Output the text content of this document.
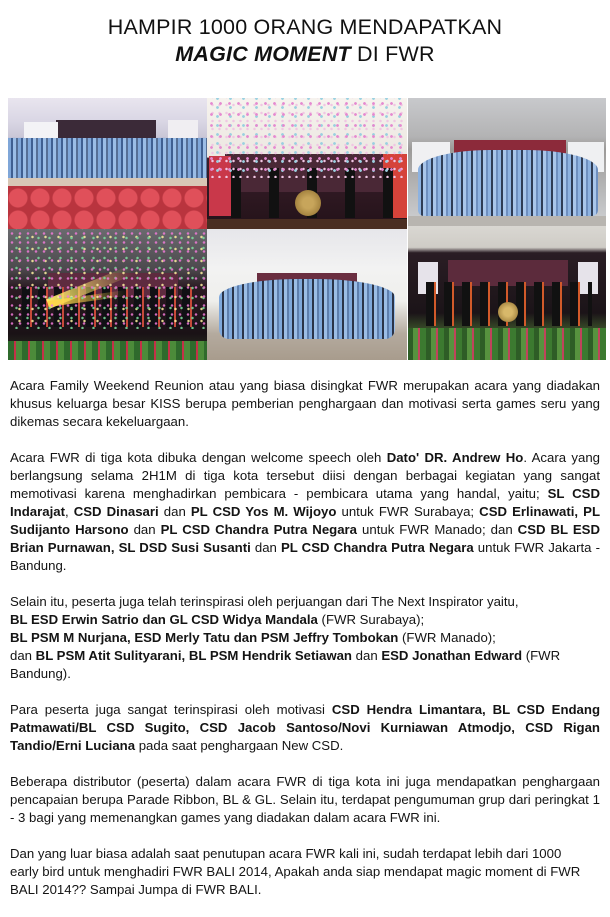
HAMPIR 1000 ORANG MENDAPATKAN
MAGIC MOMENT DI FWR

Acara Family Weekend Reunion atau yang biasa disingkat FWR merupakan acara yang diadakan khusus keluarga besar KISS berupa pemberian penghargaan dan motivasi serta games seru yang dikemas secara kekeluargaan.

Acara FWR di tiga kota dibuka dengan welcome speech oleh Dato' DR. Andrew Ho. Acara yang berlangsung selama 2H1M di tiga kota tersebut diisi dengan berbagai kegiatan yang sangat memotivasi karena menghadirkan pembicara - pembicara utama yang handal, yaitu; SL CSD Indarajat, CSD Dinasari dan PL CSD Yos M. Wijoyo untuk FWR Surabaya; CSD Erlinawati, PL Sudijanto Harsono dan PL CSD Chandra Putra Negara untuk FWR Manado; dan CSD BL ESD Brian Purnawan, SL DSD Susi Susanti dan PL CSD Chandra Putra Negara untuk FWR Jakarta - Bandung.

Selain itu, peserta juga telah terinspirasi oleh perjuangan dari The Next Inspirator yaitu,
BL ESD Erwin Satrio dan GL CSD Widya Mandala (FWR Surabaya);
BL PSM M Nurjana, ESD Merly Tatu dan PSM Jeffry Tombokan (FWR Manado);
dan BL PSM Atit Sulityarani, BL PSM Hendrik Setiawan dan ESD Jonathan Edward (FWR Bandung).

Para peserta juga sangat terinspirasi oleh motivasi CSD Hendra Limantara, BL CSD Endang Patmawati/BL CSD Sugito, CSD Jacob Santoso/Novi Kurniawan Atmodjo, CSD Rigan Tandio/Erni Luciana pada saat penghargaan New CSD.

Beberapa distributor (peserta) dalam acara FWR di tiga kota ini juga mendapatkan penghargaan pencapaian berupa Parade Ribbon, BL & GL. Selain itu, terdapat pengumuman grup dari peringkat 1 - 3 bagi yang memenangkan games yang diadakan dalam acara FWR ini.

Dan yang luar biasa adalah saat penutupan acara FWR kali ini, sudah terdapat lebih dari 1000
early bird untuk menghadiri FWR BALI 2014, Apakah anda siap mendapat magic moment di FWR BALI 2014?? Sampai Jumpa di FWR BALI.
